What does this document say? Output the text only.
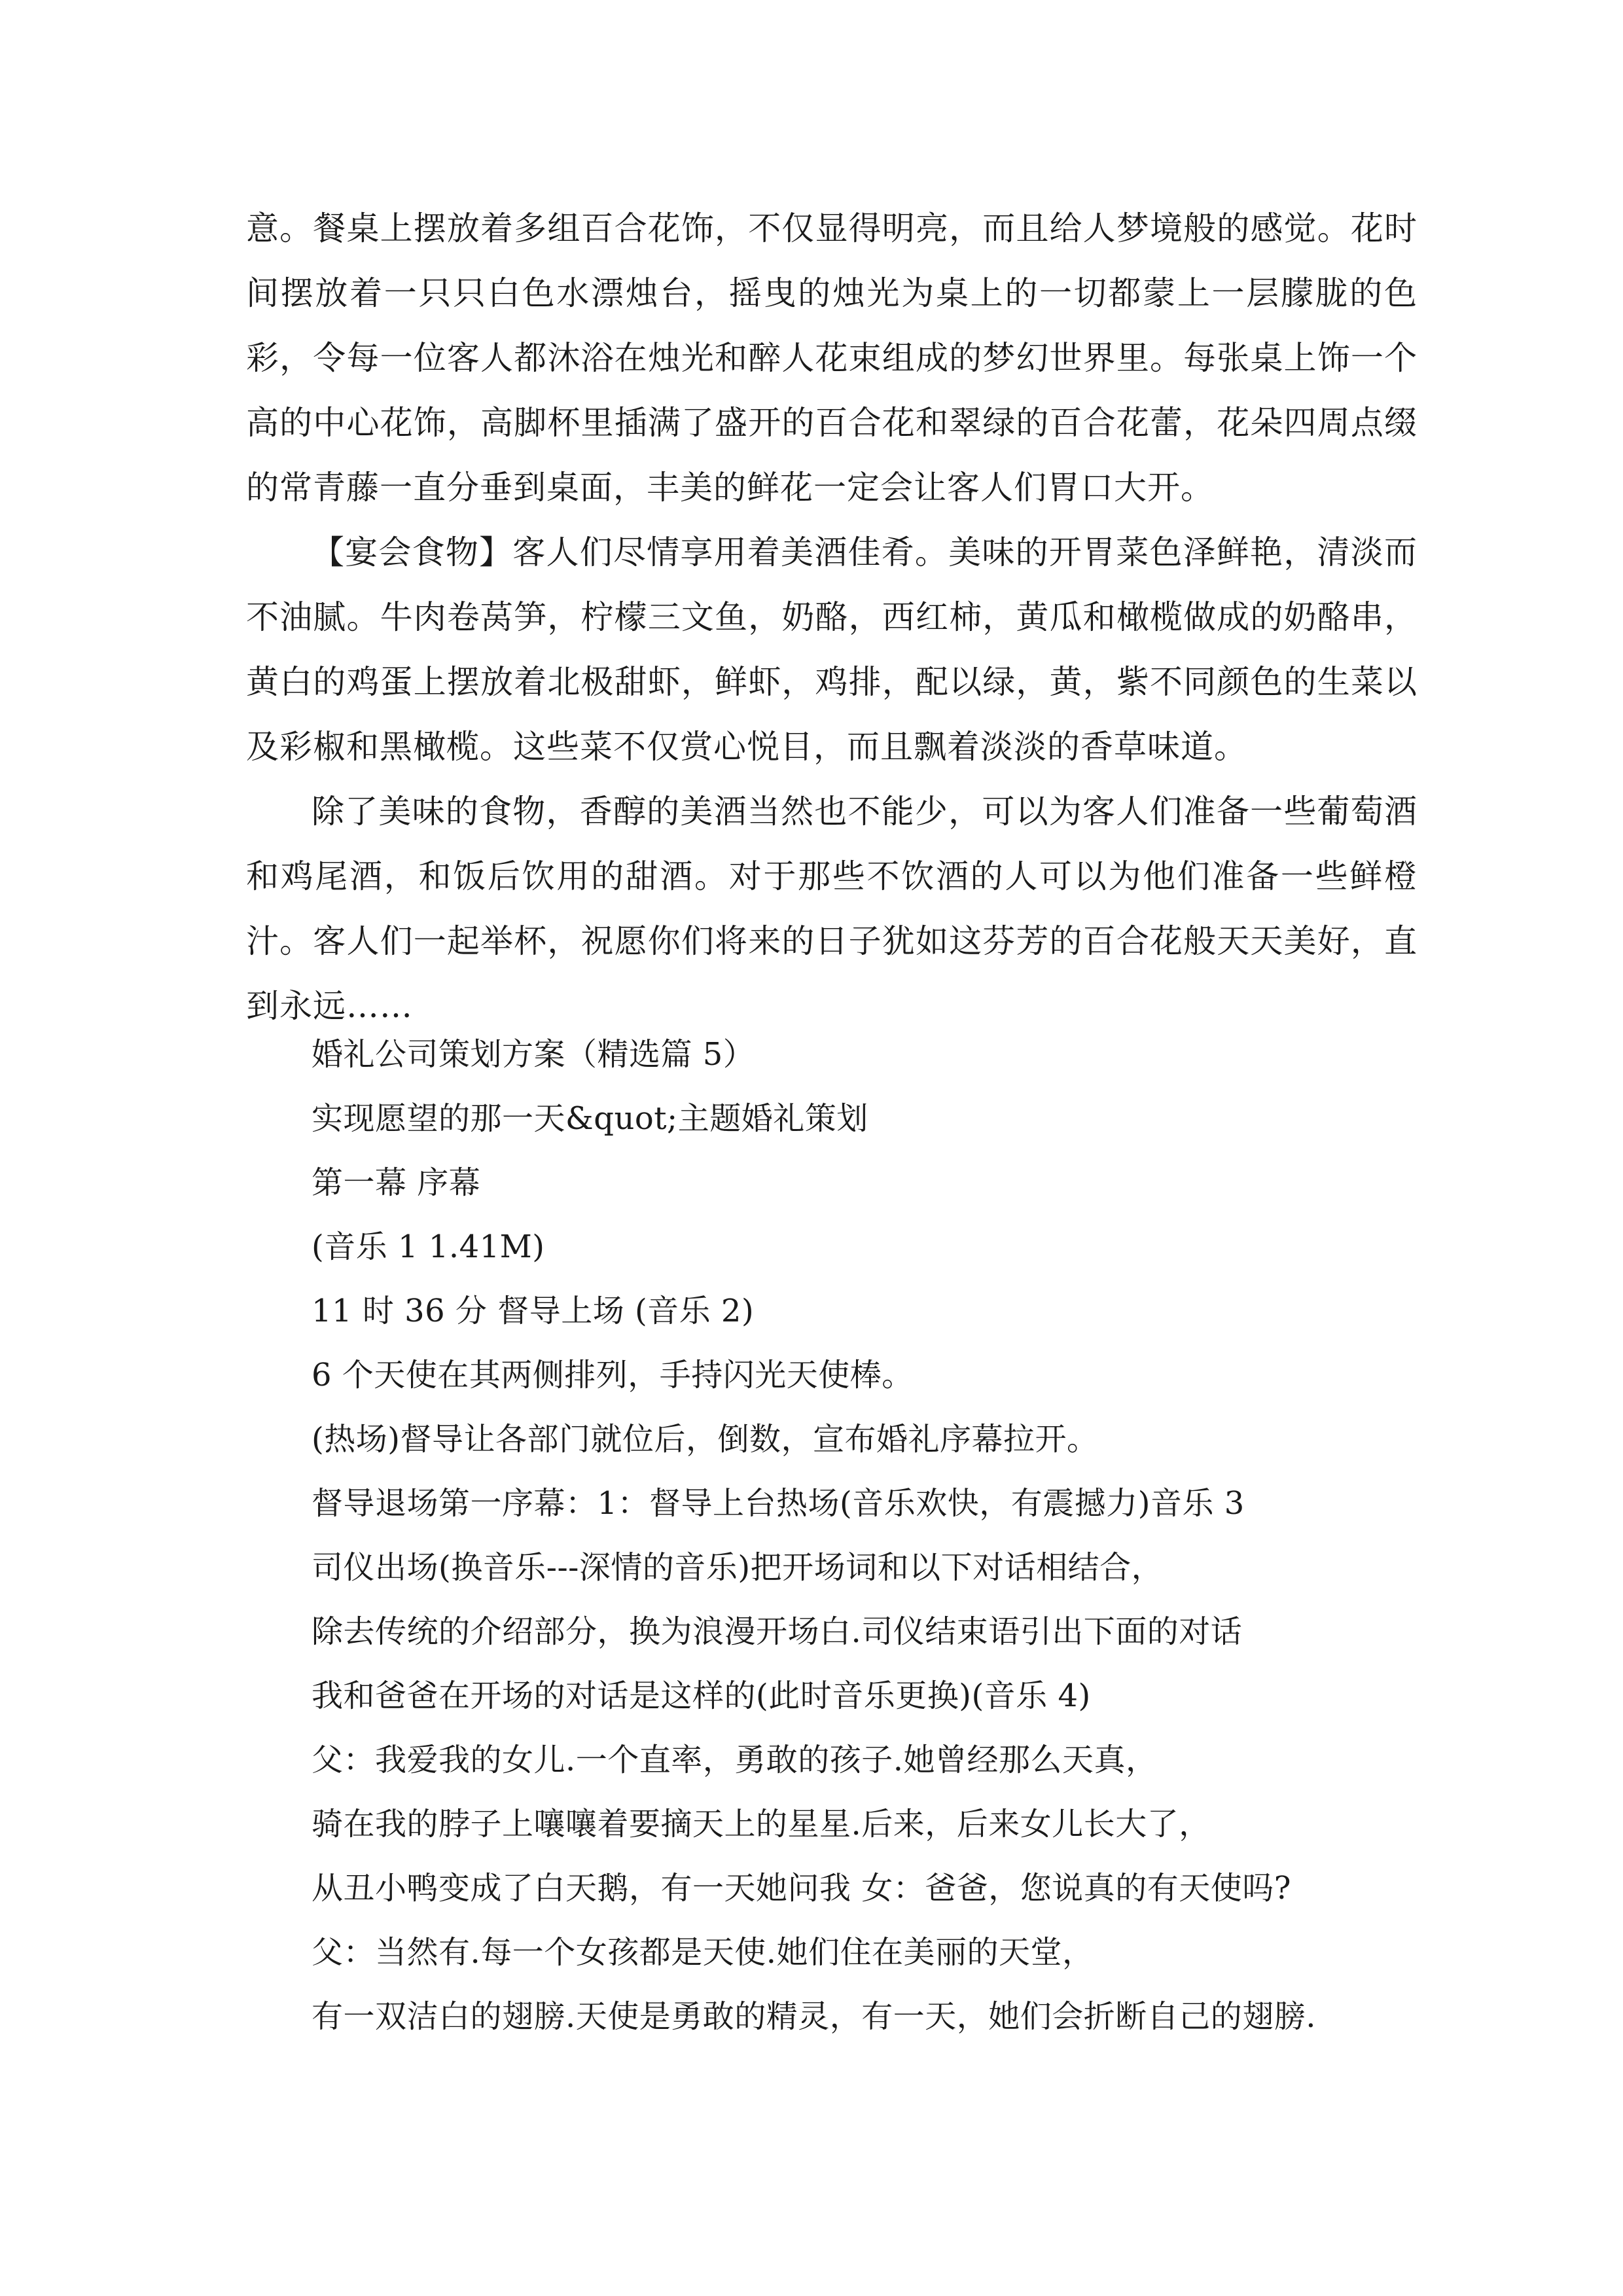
意。餐桌上摆放着多组百合花饰，不仅显得明亮，而且给人梦境般的感觉。花时间摆放着一只只白色水漂烛台，摇曳的烛光为桌上的一切都蒙上一层朦胧的色彩，令每一位客人都沐浴在烛光和醉人花束组成的梦幻世界里。每张桌上饰一个高的中心花饰，高脚杯里插满了盛开的百合花和翠绿的百合花蕾，花朵四周点缀的常青藤一直分垂到桌面，丰美的鲜花一定会让客人们胃口大开。

【宴会食物】客人们尽情享用着美酒佳肴。美味的开胃菜色泽鲜艳，清淡而不油腻。牛肉卷莴笋，柠檬三文鱼，奶酪，西红柿，黄瓜和橄榄做成的奶酪串，黄白的鸡蛋上摆放着北极甜虾，鲜虾，鸡排，配以绿，黄，紫不同颜色的生菜以及彩椒和黑橄榄。这些菜不仅赏心悦目，而且飘着淡淡的香草味道。

除了美味的食物，香醇的美酒当然也不能少，可以为客人们准备一些葡萄酒和鸡尾酒，和饭后饮用的甜酒。对于那些不饮酒的人可以为他们准备一些鲜橙汁。客人们一起举杯，祝愿你们将来的日子犹如这芬芳的百合花般天天美好，直到永远……

婚礼公司策划方案（精选篇 5）

实现愿望的那一天&quot;主题婚礼策划

第一幕 序幕

(音乐 1 1.41M)

11 时 36 分 督导上场 (音乐 2)

6 个天使在其两侧排列，手持闪光天使棒。

(热场)督导让各部门就位后，倒数，宣布婚礼序幕拉开。

督导退场第一序幕：1：督导上台热场(音乐欢快，有震撼力)音乐 3

司仪出场(换音乐---深情的音乐)把开场词和以下对话相结合，

除去传统的介绍部分，换为浪漫开场白.司仪结束语引出下面的对话

我和爸爸在开场的对话是这样的(此时音乐更换)(音乐 4)

父：我爱我的女儿.一个直率，勇敢的孩子.她曾经那么天真，

骑在我的脖子上嚷嚷着要摘天上的星星.后来，后来女儿长大了，

从丑小鸭变成了白天鹅，有一天她问我 女：爸爸，您说真的有天使吗?

父：当然有.每一个女孩都是天使.她们住在美丽的天堂，

有一双洁白的翅膀.天使是勇敢的精灵，有一天，她们会折断自己的翅膀.
